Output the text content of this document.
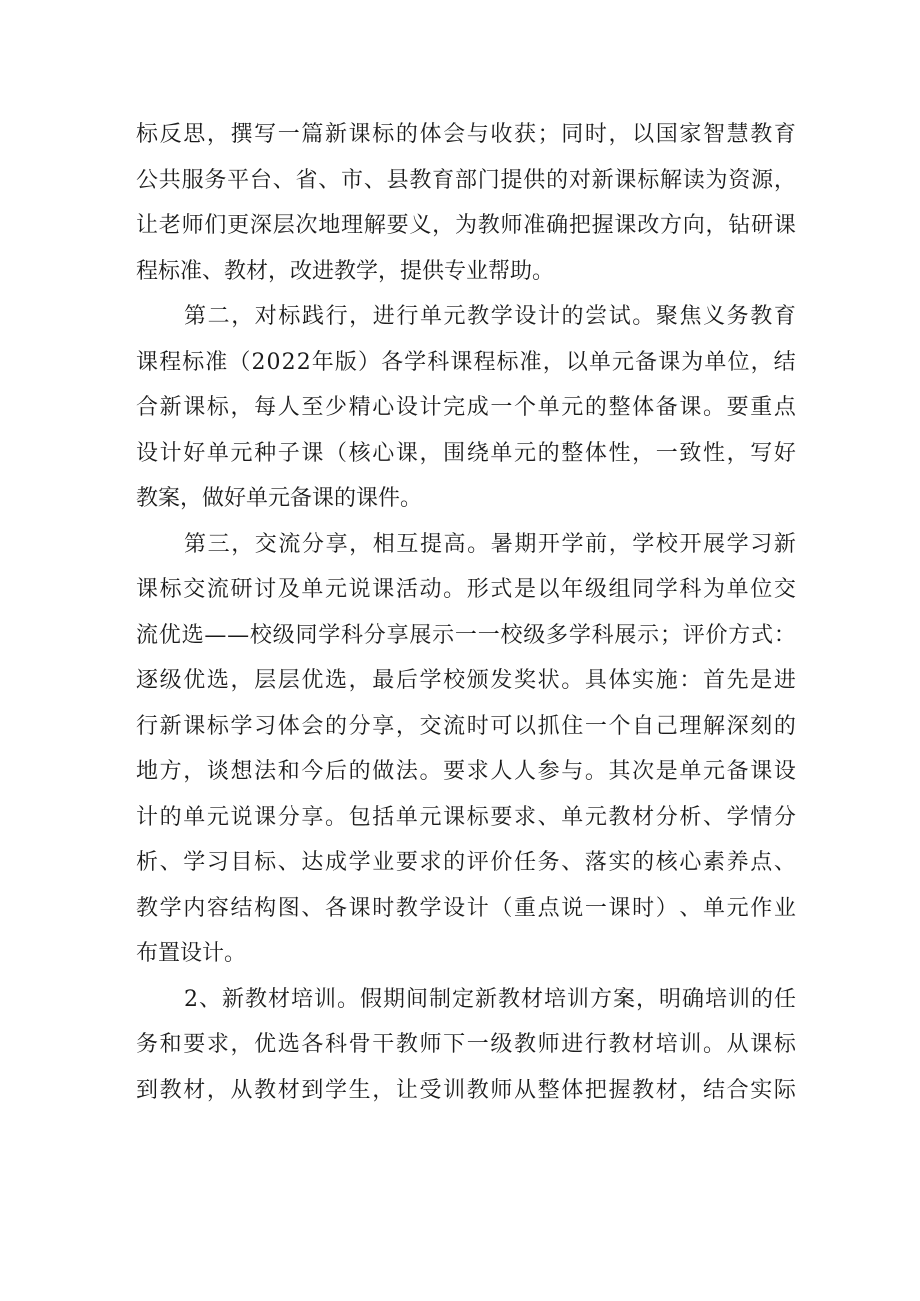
标 反 思 ， 撰 写 一 篇 新 课 标 的 体 会 与 收 获 ； 同 时 ， 以 国 家 智 慧 教 育
公 共 服 务 平 台 、 省 、 市 、 县 教 育 部 门 提 供 的 对 新 课 标 解 读 为 资 源 ，
让 老 师 们 更 深 层 次 地 理 解 要 义 ， 为 教 师 准 确 把 握 课 改 方 向 ， 钻 研 课
程标准、教材，改进教学，提供专业帮助。
第 二 ， 对 标 践 行 ， 进 行 单 元 教 学 设 计 的 尝 试 。 聚 焦 义 务 教 育
课 程 标 准 （ 2 0 2 2 年 版 ） 各 学 科 课 程 标 准 ， 以 单 元 备 课 为 单 位 ， 结
合 新 课 标 ， 每 人 至 少 精 心 设 计 完 成 一 个 单 元 的 整 体 备 课 。 要 重 点
设 计 好 单 元 种 子 课 （ 核 心 课 ， 围 绕 单 元 的 整 体 性 ， 一 致 性 ， 写 好
教案，做好单元备课的课件。
第 三 ， 交 流 分 享 ， 相 互 提 高 。 暑 期 开 学 前 ， 学 校 开 展 学 习 新
课 标 交 流 研 讨 及 单 元 说 课 活 动 。 形 式 是 以 年 级 组 同 学 科 为 单 位 交
流 优 选 — — 校 级 同 学 科 分 享 展 示 一 一 校 级 多 学 科 展 示 ； 评 价 方 式 ：
逐 级 优 选 ， 层 层 优 选 ， 最 后 学 校 颁 发 奖 状 。 具 体 实 施 ： 首 先 是 进
行 新 课 标 学 习 体 会 的 分 享 ， 交 流 时 可 以 抓 住 一 个 自 己 理 解 深 刻 的
地 方 ， 谈 想 法 和 今 后 的 做 法 。 要 求 人 人 参 与 。 其 次 是 单 元 备 课 设
计 的 单 元 说 课 分 享 。 包 括 单 元 课 标 要 求 、 单 元 教 材 分 析 、 学 情 分
析 、 学 习 目 标 、 达 成 学 业 要 求 的 评 价 任 务 、 落 实 的 核 心 素 养 点 、
教 学 内 容 结 构 图 、 各 课 时 教 学 设 计 （ 重 点 说 一 课 时 ） 、 单 元 作 业
布置设计。
2 、 新 教 材 培 训 。 假 期 间 制 定 新 教 材 培 训 方 案 ， 明 确 培 训 的 任
务 和 要 求 ， 优 选 各 科 骨 干 教 师 下 一 级 教 师 进 行 教 材 培 训 。 从 课 标
到 教 材 ， 从 教 材 到 学 生 ， 让 受 训 教 师 从 整 体 把 握 教 材 ， 结 合 实 际
